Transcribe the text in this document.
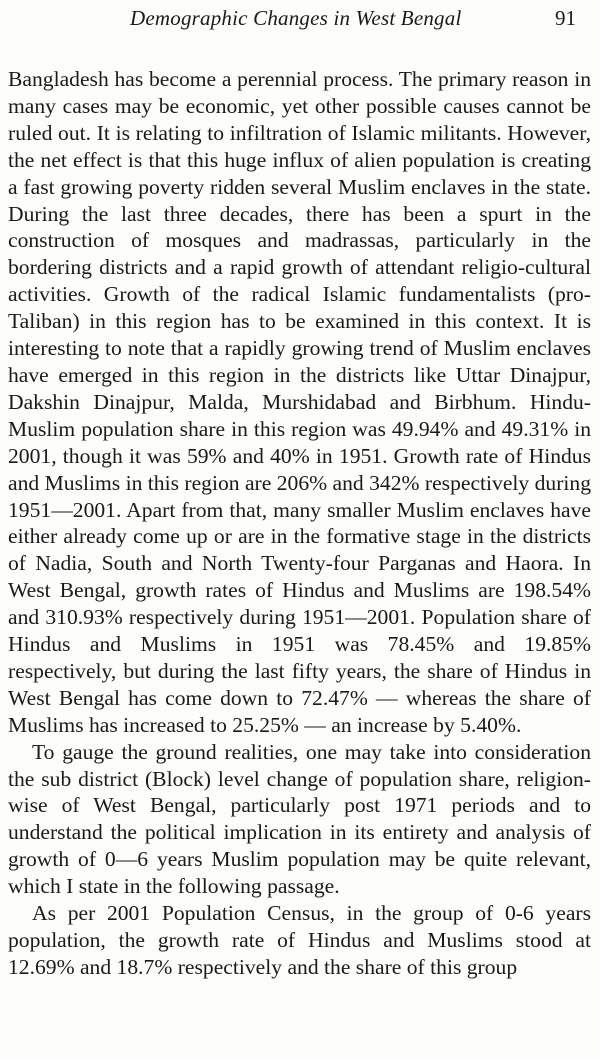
Demographic Changes in West Bengal	91

Bangladesh has become a perennial process. The primary reason in many cases may be economic, yet other possible causes cannot be ruled out. It is relating to infiltration of Islamic militants. However, the net effect is that this huge influx of alien population is creating a fast growing poverty ridden several Muslim enclaves in the state. During the last three decades, there has been a spurt in the construction of mosques and madrassas, particularly in the bordering districts and a rapid growth of attendant religio-cultural activities. Growth of the radical Islamic fundamentalists (pro-Taliban) in this region has to be examined in this context. It is interesting to note that a rapidly growing trend of Muslim enclaves have emerged in this region in the districts like Uttar Dinajpur, Dakshin Dinajpur, Malda, Murshidabad and Birbhum. Hindu-Muslim population share in this region was 49.94% and 49.31% in 2001, though it was 59% and 40% in 1951. Growth rate of Hindus and Muslims in this region are 206% and 342% respectively during 1951—2001. Apart from that, many smaller Muslim enclaves have either already come up or are in the formative stage in the districts of Nadia, South and North Twenty-four Parganas and Haora. In West Bengal, growth rates of Hindus and Muslims are 198.54% and 310.93% respectively during 1951—2001. Population share of Hindus and Muslims in 1951 was 78.45% and 19.85% respectively, but during the last fifty years, the share of Hindus in West Bengal has come down to 72.47% — whereas the share of Muslims has increased to 25.25% — an increase by 5.40%.

To gauge the ground realities, one may take into consideration the sub district (Block) level change of population share, religion-wise of West Bengal, particularly post 1971 periods and to understand the political implication in its entirety and analysis of growth of 0—6 years Muslim population may be quite relevant, which I state in the following passage.

As per 2001 Population Census, in the group of 0-6 years population, the growth rate of Hindus and Muslims stood at 12.69% and 18.7% respectively and the share of this group
